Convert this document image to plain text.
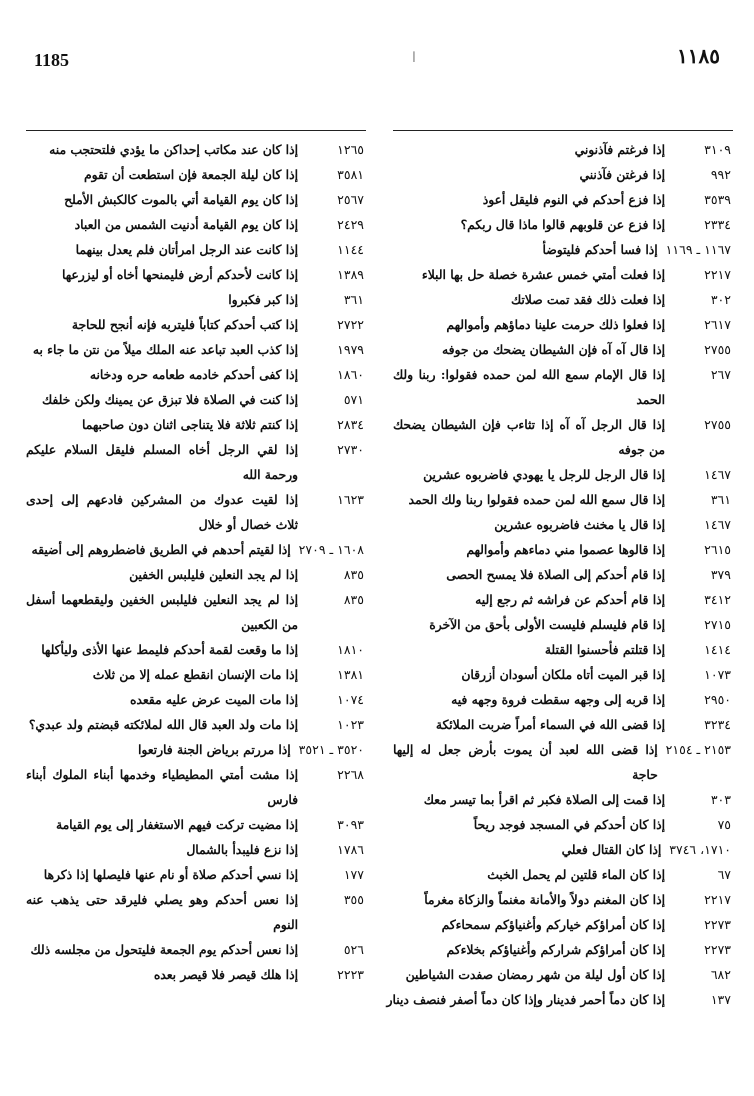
1185	ا	١١٨٥
٣١٠٩
إذا فرغتم فآذنوني
٩٩٢
إذا فرغتن فآذنني
٣٥٣٩
إذا فزع أحدكم في النوم فليقل أعوذ
٢٣٣٤
إذا فزع عن قلوبهم قالوا ماذا قال ربكم؟
١١٦٧ ـ ١١٦٩
إذا فسا أحدكم فليتوضأ
٢٢١٧
إذا فعلت أمتي خمس عشرة خصلة حل بها البلاء
٣٠٢
إذا فعلت ذلك فقد تمت صلاتك
٢٦١٧
إذا فعلوا ذلك حرمت علينا دماؤهم وأموالهم
٢٧٥٥
إذا قال آه آه فإن الشيطان يضحك من جوفه
٢٦٧
إذا قال الإمام سمع الله لمن حمده فقولوا: ربنا ولك الحمد
٢٧٥٥
إذا قال الرجل آه آه إذا تثاءب فإن الشيطان يضحك من جوفه
١٤٦٧
إذا قال الرجل للرجل يا يهودي فاضربوه عشرين
٣٦١
إذا قال سمع الله لمن حمده فقولوا ربنا ولك الحمد
١٤٦٧
إذا قال يا مخنث فاضربوه عشرين
٢٦١٥
إذا قالوها عصموا مني دماءهم وأموالهم
٣٧٩
إذا قام أحدكم إلى الصلاة فلا يمسح الحصى
٣٤١٢
إذا قام أحدكم عن فراشه ثم رجع إليه
٢٧١٥
إذا قام فليسلم فليست الأولى بأحق من الآخرة
١٤١٤
إذا قتلتم فأحسنوا القتلة
١٠٧٣
إذا قبر الميت أتاه ملكان أسودان أزرقان
٢٩٥٠
إذا قربه إلى وجهه سقطت فروة وجهه فيه
٣٢٣٤
إذا قضى الله في السماء أمراً ضربت الملائكة
٢١٥٣ ـ ٢١٥٤
إذا قضى الله لعبد أن يموت بأرض جعل له إليها حاجة
٣٠٣
إذا قمت إلى الصلاة فكبر ثم اقرأ بما تيسر معك
٧٥
إذا كان أحدكم في المسجد فوجد ريحاً
١٧١٠، ٣٧٤٦
إذا كان القتال فعلي
٦٧
إذا كان الماء قلتين لم يحمل الخبث
٢٢١٧
إذا كان المغنم دولاً والأمانة مغنماً والزكاة مغرماً
٢٢٧٣
إذا كان أمراؤكم خياركم وأغنياؤكم سمحاءكم
٢٢٧٣
إذا كان أمراؤكم شراركم وأغنياؤكم بخلاءكم
٦٨٢
إذا كان أول ليلة من شهر رمضان صفدت الشياطين
١٣٧
إذا كان دماً أحمر فدينار وإذا كان دماً أصفر فنصف دينار
١٢٦٥
إذا كان عند مكاتب إحداكن ما يؤدي فلتحتجب منه
٣٥٨١
إذا كان ليلة الجمعة فإن استطعت أن تقوم
٢٥٦٧
إذا كان يوم القيامة أتي بالموت كالكبش الأملح
٢٤٢٩
إذا كان يوم القيامة أدنيت الشمس من العباد
١١٤٤
إذا كانت عند الرجل امرأتان فلم يعدل بينهما
١٣٨٩
إذا كانت لأحدكم أرض فليمنحها أخاه أو ليزرعها
٣٦١
إذا كبر فكبروا
٢٧٢٢
إذا كتب أحدكم كتاباً فليتربه فإنه أنجح للحاجة
١٩٧٩
إذا كذب العبد تباعد عنه الملك ميلاً من نتن ما جاء به
١٨٦٠
إذا كفى أحدكم خادمه طعامه حره ودخانه
٥٧١
إذا كنت في الصلاة فلا تبزق عن يمينك ولكن خلفك
٢٨٣٤
إذا كنتم ثلاثة فلا يتناجى اثنان دون صاحبهما
٢٧٣٠
إذا لقي الرجل أخاه المسلم فليقل السلام عليكم ورحمة الله
١٦٢٣
إذا لقيت عدوك من المشركين فادعهم إلى إحدى ثلاث خصال أو خلال
١٦٠٨ ـ ٢٧٠٩
إذا لقيتم أحدهم في الطريق فاضطروهم إلى أضيقه
٨٣٥
إذا لم يجد النعلين فليلبس الخفين
٨٣٥
إذا لم يجد النعلين فليلبس الخفين وليقطعهما أسفل من الكعبين
١٨١٠
إذا ما وقعت لقمة أحدكم فليمط عنها الأذى وليأكلها
١٣٨١
إذا مات الإنسان انقطع عمله إلا من ثلاث
١٠٧٤
إذا مات الميت عرض عليه مقعده
١٠٢٣
إذا مات ولد العبد قال الله لملائكته قبضتم ولد عبدي؟
٣٥٢٠ ـ ٣٥٢١
إذا مررتم برياض الجنة فارتعوا
٢٢٦٨
إذا مشت أمتي المطيطياء وخدمها أبناء الملوك أبناء فارس
٣٠٩٣
إذا مضيت تركت فيهم الاستغفار إلى يوم القيامة
١٧٨٦
إذا نزع فليبدأ بالشمال
١٧٧
إذا نسي أحدكم صلاة أو نام عنها فليصلها إذا ذكرها
٣٥٥
إذا نعس أحدكم وهو يصلي فليرقد حتى يذهب عنه النوم
٥٢٦
إذا نعس أحدكم يوم الجمعة فليتحول من مجلسه ذلك
٢٢٢٣
إذا هلك قيصر فلا قيصر بعده
